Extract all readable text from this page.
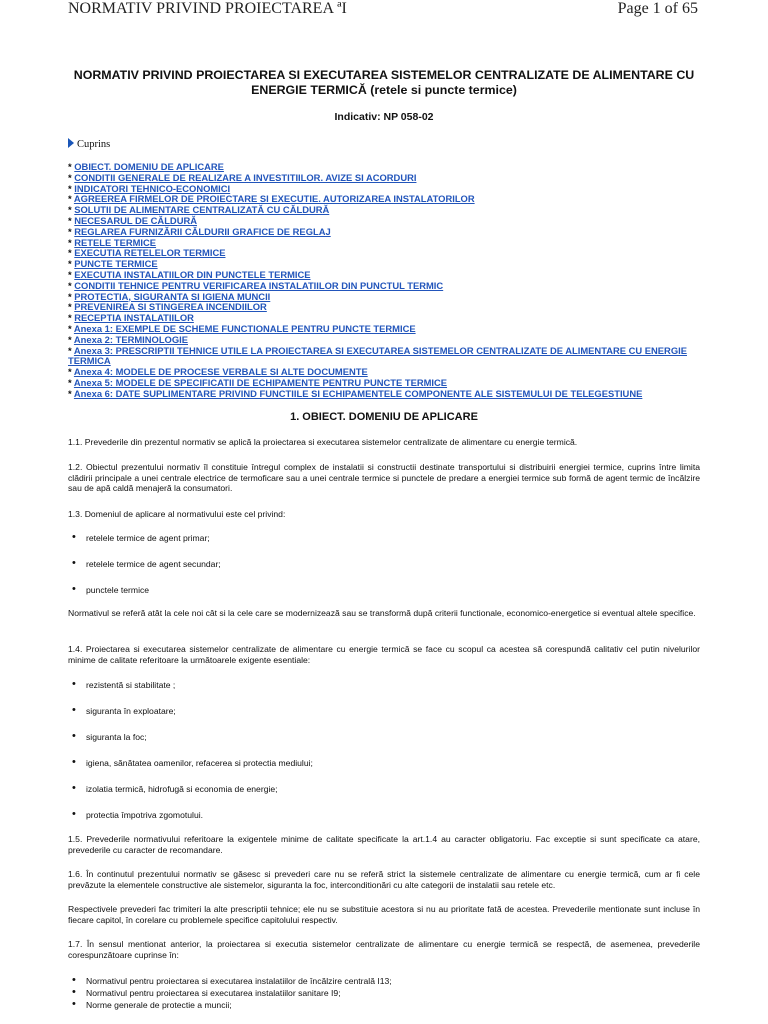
NORMATIV PRIVIND PROIECTAREA ªI	Page 1 of 65
NORMATIV PRIVIND PROIECTAREA SI EXECUTAREA SISTEMELOR CENTRALIZATE DE ALIMENTARE CU ENERGIE TERMICĂ (retele si puncte termice)
Indicativ: NP 058-02
Cuprins
* OBIECT. DOMENIU DE APLICARE
* CONDITII GENERALE DE REALIZARE A INVESTITIILOR. AVIZE SI ACORDURI
* INDICATORI TEHNICO-ECONOMICI
* AGREEREA FIRMELOR DE PROIECTARE SI EXECUTIE. AUTORIZAREA INSTALATORILOR
* SOLUTII DE ALIMENTARE CENTRALIZATĂ CU CĂLDURĂ
* NECESARUL DE CĂLDURĂ
* REGLAREA FURNIZĂRII CĂLDURII GRAFICE DE REGLAJ
* RETELE TERMICE
* EXECUTIA RETELELOR TERMICE
* PUNCTE TERMICE
* EXECUTIA INSTALATIILOR DIN PUNCTELE TERMICE
* CONDITII TEHNICE PENTRU VERIFICAREA INSTALATIILOR DIN PUNCTUL TERMIC
* PROTECTIA, SIGURANTA SI IGIENA MUNCII
* PREVENIREA SI STINGEREA INCENDIILOR
* RECEPTIA INSTALATIILOR
* Anexa 1: EXEMPLE DE SCHEME FUNCTIONALE PENTRU PUNCTE TERMICE
* Anexa 2: TERMINOLOGIE
* Anexa 3: PRESCRIPTII TEHNICE UTILE LA PROIECTAREA SI EXECUTAREA SISTEMELOR CENTRALIZATE DE ALIMENTARE CU ENERGIE TERMICA
* Anexa 4: MODELE DE PROCESE VERBALE SI ALTE DOCUMENTE
* Anexa 5: MODELE DE SPECIFICATII DE ECHIPAMENTE PENTRU PUNCTE TERMICE
* Anexa 6: DATE SUPLIMENTARE PRIVIND FUNCTIILE SI ECHIPAMENTELE COMPONENTE ALE SISTEMULUI DE TELEGESTIUNE
1. OBIECT. DOMENIU DE APLICARE
1.1. Prevederile din prezentul normativ se aplică la proiectarea si executarea sistemelor centralizate de alimentare cu energie termică.
1.2. Obiectul prezentului normativ îl constituie întregul complex de instalatii si constructii destinate transportului si distribuirii energiei termice, cuprins între limita clădirii principale a unei centrale electrice de termoficare sau a unei centrale termice si punctele de predare a energiei termice sub formă de agent termic de încălzire sau de apă caldă menajeră la consumatori.
1.3. Domeniul de aplicare al normativului este cel privind:
• retelele termice de agent primar;
• retelele termice de agent secundar;
• punctele termice
Normativul se referă atât la cele noi cât si la cele care se modernizează sau se transformă după criterii functionale, economico-energetice si eventual altele specifice.
1.4. Proiectarea si executarea sistemelor centralizate de alimentare cu energie termică se face cu scopul ca acestea să corespundă calitativ cel putin nivelurilor minime de calitate referitoare la următoarele exigente esentiale:
• rezistentă si stabilitate ;
• siguranta în exploatare;
• siguranta la foc;
• igiena, sănătatea oamenilor, refacerea si protectia mediului;
• izolatia termică, hidrofugă si economia de energie;
• protectia împotriva zgomotului.
1.5. Prevederile normativului referitoare la exigentele minime de calitate specificate la art.1.4 au caracter obligatoriu. Fac exceptie si sunt specificate ca atare, prevederile cu caracter de recomandare.
1.6. În continutul prezentului normativ se găsesc si prevederi care nu se referă strict la sistemele centralizate de alimentare cu energie termică, cum ar fi cele prevăzute la elementele constructive ale sistemelor, siguranta la foc, interconditionări cu alte categorii de instalatii sau retele etc.
Respectivele prevederi fac trimiteri la alte prescriptii tehnice; ele nu se substituie acestora si nu au prioritate fată de acestea. Prevederile mentionate sunt incluse în fiecare capitol, în corelare cu problemele specifice capitolului respectiv.
1.7. În sensul mentionat anterior, la proiectarea si executia sistemelor centralizate de alimentare cu energie termică se respectă, de asemenea, prevederile corespunzătoare cuprinse în:
• Normativul pentru proiectarea si executarea instalatiilor de încălzire centrală I13;
• Normativul pentru proiectarea si executarea instalatiilor sanitare I9;
• Norme generale de protectie a muncii;
